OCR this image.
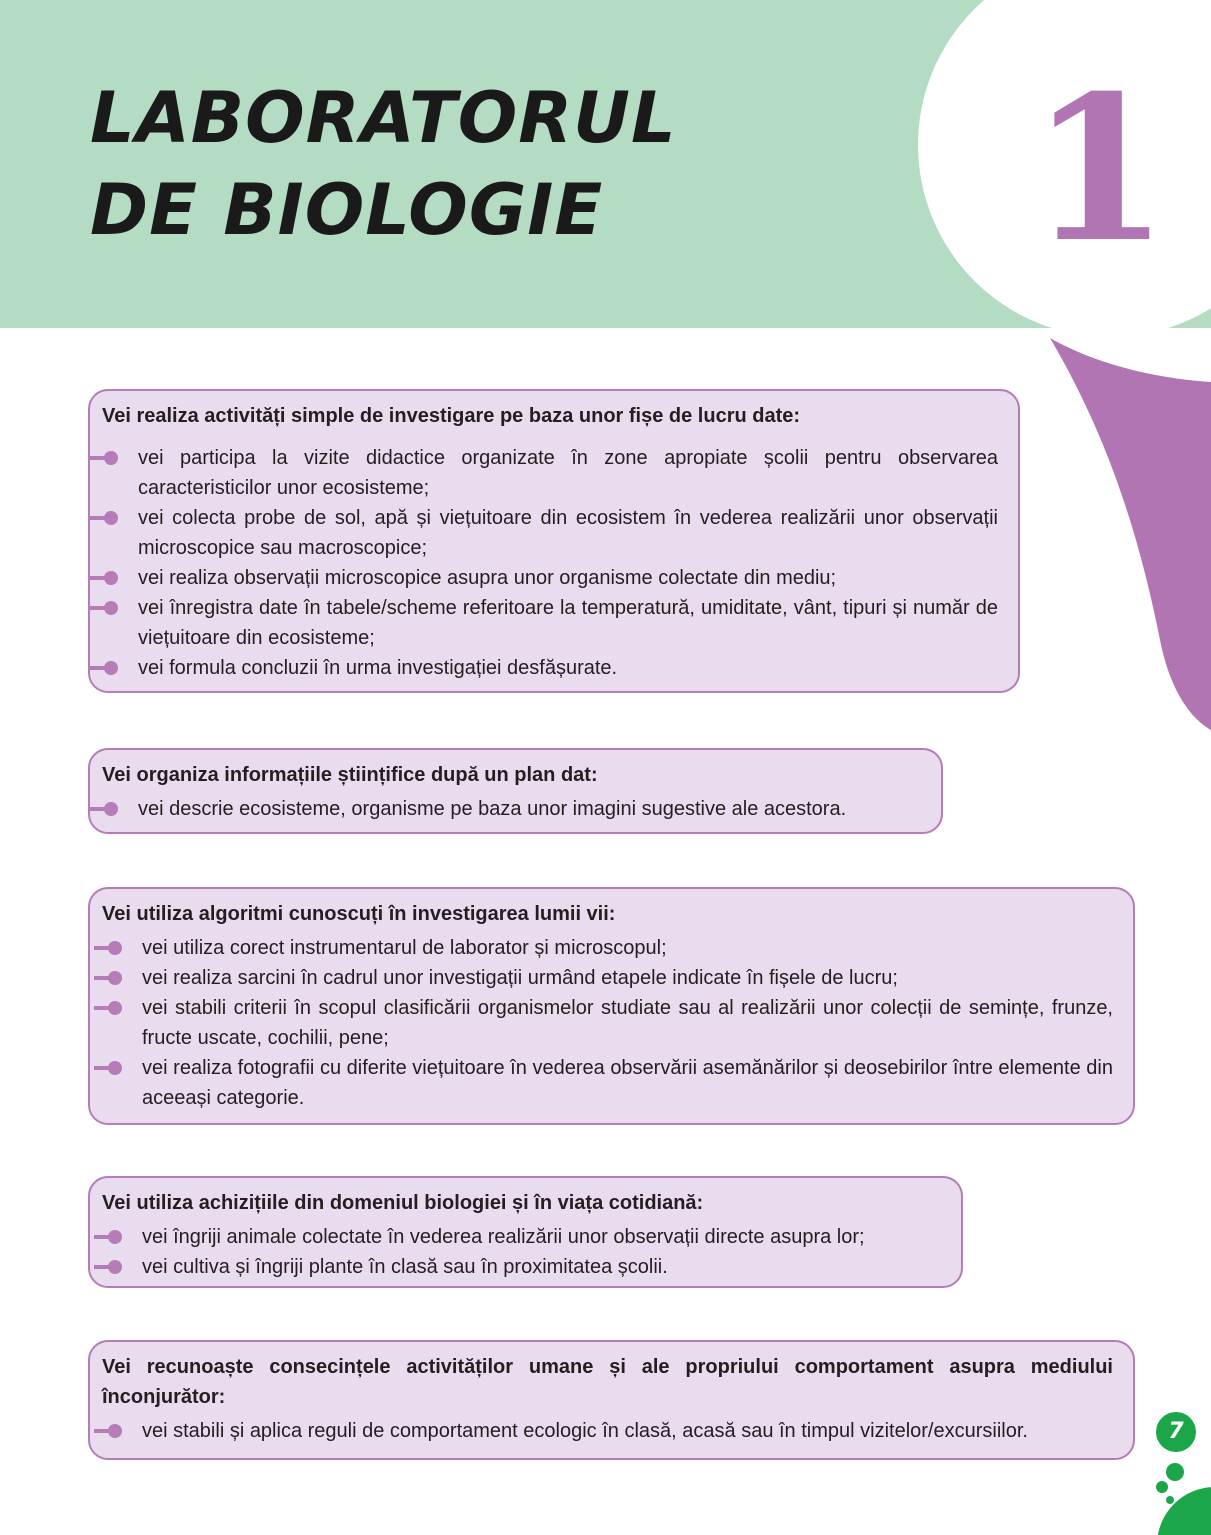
LABORATORUL
DE BIOLOGIE	1
Vei realiza activități simple de investigare pe baza unor fișe de lucru date:
vei participa la vizite didactice organizate în zone apropiate școlii pentru observarea caracteristicilor unor ecosisteme;
vei colecta probe de sol, apă și viețuitoare din ecosistem în vederea realizării unor observații microscopice sau macroscopice;
vei realiza observații microscopice asupra unor organisme colectate din mediu;
vei înregistra date în tabele/scheme referitoare la temperatură, umiditate, vânt, tipuri și număr de viețuitoare din ecosisteme;
vei formula concluzii în urma investigației desfășurate.
Vei organiza informațiile științifice după un plan dat:
vei descrie ecosisteme, organisme pe baza unor imagini sugestive ale acestora.
Vei utiliza algoritmi cunoscuți în investigarea lumii vii:
vei utiliza corect instrumentarul de laborator și microscopul;
vei realiza sarcini în cadrul unor investigații urmând etapele indicate în fișele de lucru;
vei stabili criterii în scopul clasificării organismelor studiate sau al realizării unor colecții de semințe, frunze, fructe uscate, cochilii, pene;
vei realiza fotografii cu diferite viețuitoare în vederea observării asemănărilor și deosebirilor între elemente din aceeași categorie.
Vei utiliza achizițiile din domeniul biologiei și în viața cotidiană:
vei îngriji animale colectate în vederea realizării unor observații directe asupra lor;
vei cultiva și îngriji plante în clasă sau în proximitatea școlii.
Vei recunoaște consecințele activităților umane și ale propriului comportament asupra mediului înconjurător:
vei stabili și aplica reguli de comportament ecologic în clasă, acasă sau în timpul vizitelor/excursiilor.	7
